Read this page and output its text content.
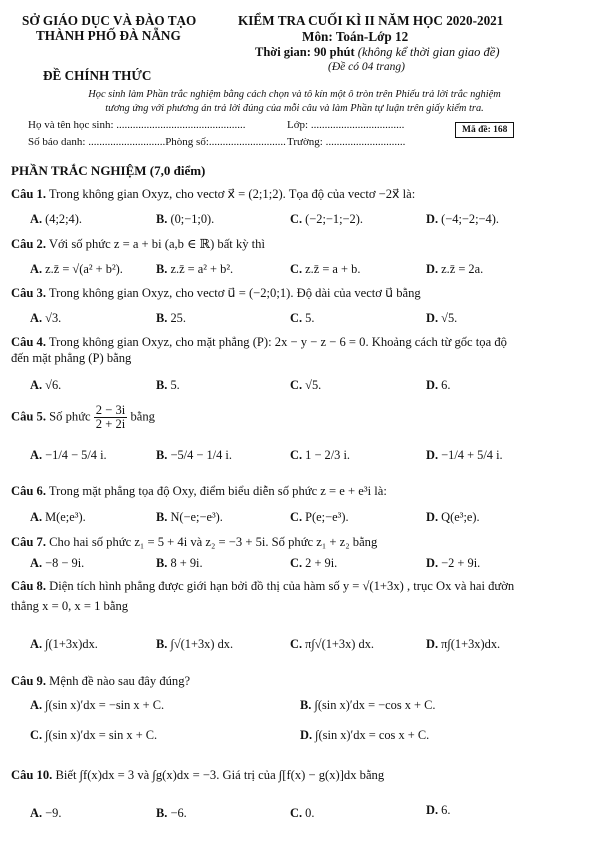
SỞ GIÁO DỤC VÀ ĐÀO TẠO
THÀNH PHỐ ĐÀ NẴNG
ĐỀ CHÍNH THỨC
KIỂM TRA CUỐI KÌ II NĂM HỌC 2020-2021
Môn: Toán-Lớp 12
Thời gian: 90 phút (không kể thời gian giao đề)
(Đề có 04 trang)
Học sinh làm Phần trắc nghiệm bằng cách chọn và tô kín một ô tròn trên Phiếu trả lời trắc nghiệm
tương ứng với phương án trả lời đúng của mỗi câu và làm Phần tự luận trên giấy kiểm tra.
Họ và tên học sinh: ...............................................	Lớp: ..................................
Số báo danh: ............................Phòng số:............................ Trường: .............................
Mã đề: 168
PHẦN TRẮC NGHIỆM (7,0 điểm)
Câu 1. Trong không gian Oxyz, cho vectơ x⃗ = (2;1;2). Tọa độ của vectơ −2x⃗ là:
A. (4;2;4).	B. (0;−1;0).	C. (−2;−1;−2).	D. (−4;−2;−4).
Câu 2. Với số phức z = a + bi (a,b ∈ ℝ) bất kỳ thì
A. z.z̄ = √(a² + b²).	B. z.z̄ = a² + b².	C. z.z̄ = a + b.	D. z.z̄ = 2a.
Câu 3. Trong không gian Oxyz, cho vectơ u⃗ = (−2;0;1). Độ dài của vectơ u⃗ bằng
A. √3.	B. 25.	C. 5.	D. √5.
Câu 4. Trong không gian Oxyz, cho mặt phẳng (P): 2x − y − z − 6 = 0. Khoảng cách từ gốc tọa độ
đến mặt phẳng (P) bằng
A. √6.	B. 5.	C. √5.	D. 6.
Câu 5. Số phức $\frac{2 - 3i}{2 + 2i}$ bằng
A. −1/4 − 5/4 i.	B. −5/4 − 1/4 i.	C. 1 − 2/3 i.	D. −1/4 + 5/4 i.
Câu 6. Trong mặt phẳng tọa độ Oxy, điểm biểu diễn số phức z = e + e³i là:
A. M(e;e³).	B. N(−e;−e³).	C. P(e;−e³).	D. Q(e³;e).
Câu 7. Cho hai số phức z₁ = 5 + 4i và z₂ = −3 + 5i. Số phức z₁ + z₂ bằng
A. −8 − 9i.	B. 8 + 9i.	C. 2 + 9i.	D. −2 + 9i.
Câu 8. Diện tích hình phẳng được giới hạn bởi đồ thị của hàm số y = √(1+3x) , trục Ox và hai đườn
thẳng x = 0, x = 1 bằng
A. ∫(1+3x)dx.	B. ∫√(1+3x) dx.	C. π∫√(1+3x) dx.	D. π∫(1+3x)dx.
Câu 9. Mệnh đề nào sau đây đúng?
A. ∫(sin x)′dx = −sin x + C.	B. ∫(sin x)′dx = −cos x + C.
C. ∫(sin x)′dx = sin x + C.	D. ∫(sin x)′dx = cos x + C.
Câu 10. Biết ∫f(x)dx = 3 và ∫g(x)dx = −3. Giá trị của ∫[f(x) − g(x)]dx bằng
A. −9.	B. −6.	C. 0.	D. 6.
